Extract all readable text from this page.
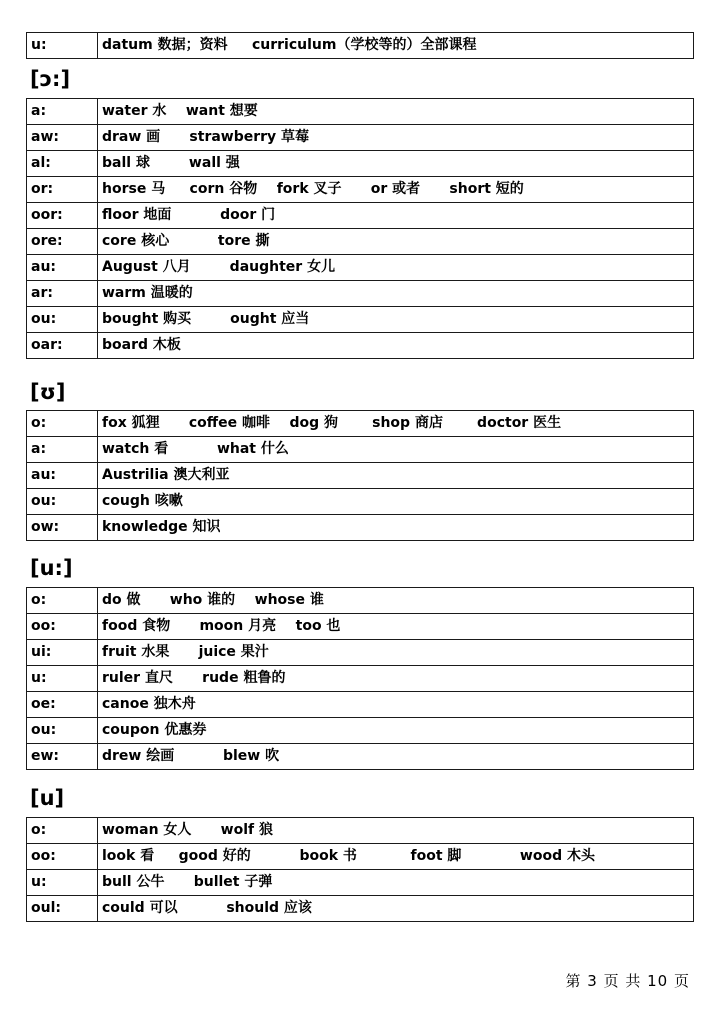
u:	datum 数据；资料     curriculum（学校等的）全部课程
[ɔ:]
a:	water 水    want 想要
aw:	draw 画      strawberry 草莓
al:	ball 球        wall 强
or:	horse 马     corn 谷物    fork 叉子      or 或者      short 短的
oor:	floor 地面          door 门
ore:	core 核心          tore 撕
au:	August 八月        daughter 女儿
ar:	warm 温暖的
ou:	bought 购买        ought 应当
oar:	board 木板
[ʊ]
o:	fox 狐狸      coffee 咖啡    dog 狗       shop 商店       doctor 医生
a:	watch 看          what 什么
au:	Austrilia 澳大利亚
ou:	cough 咳嗽
ow:	knowledge 知识
[u:]
o:	do 做      who 谁的    whose 谁
oo:	food 食物      moon 月亮    too 也
ui:	fruit 水果      juice 果汁
u:	ruler 直尺      rude 粗鲁的
oe:	canoe 独木舟
ou:	coupon 优惠券
ew:	drew 绘画          blew 吹
[u]
o:	woman 女人      wolf 狼
oo:	look 看     good 好的          book 书           foot 脚            wood 木头
u:	bull 公牛      bullet 子弹
oul:	could 可以          should 应该
第 3 页 共 10 页
